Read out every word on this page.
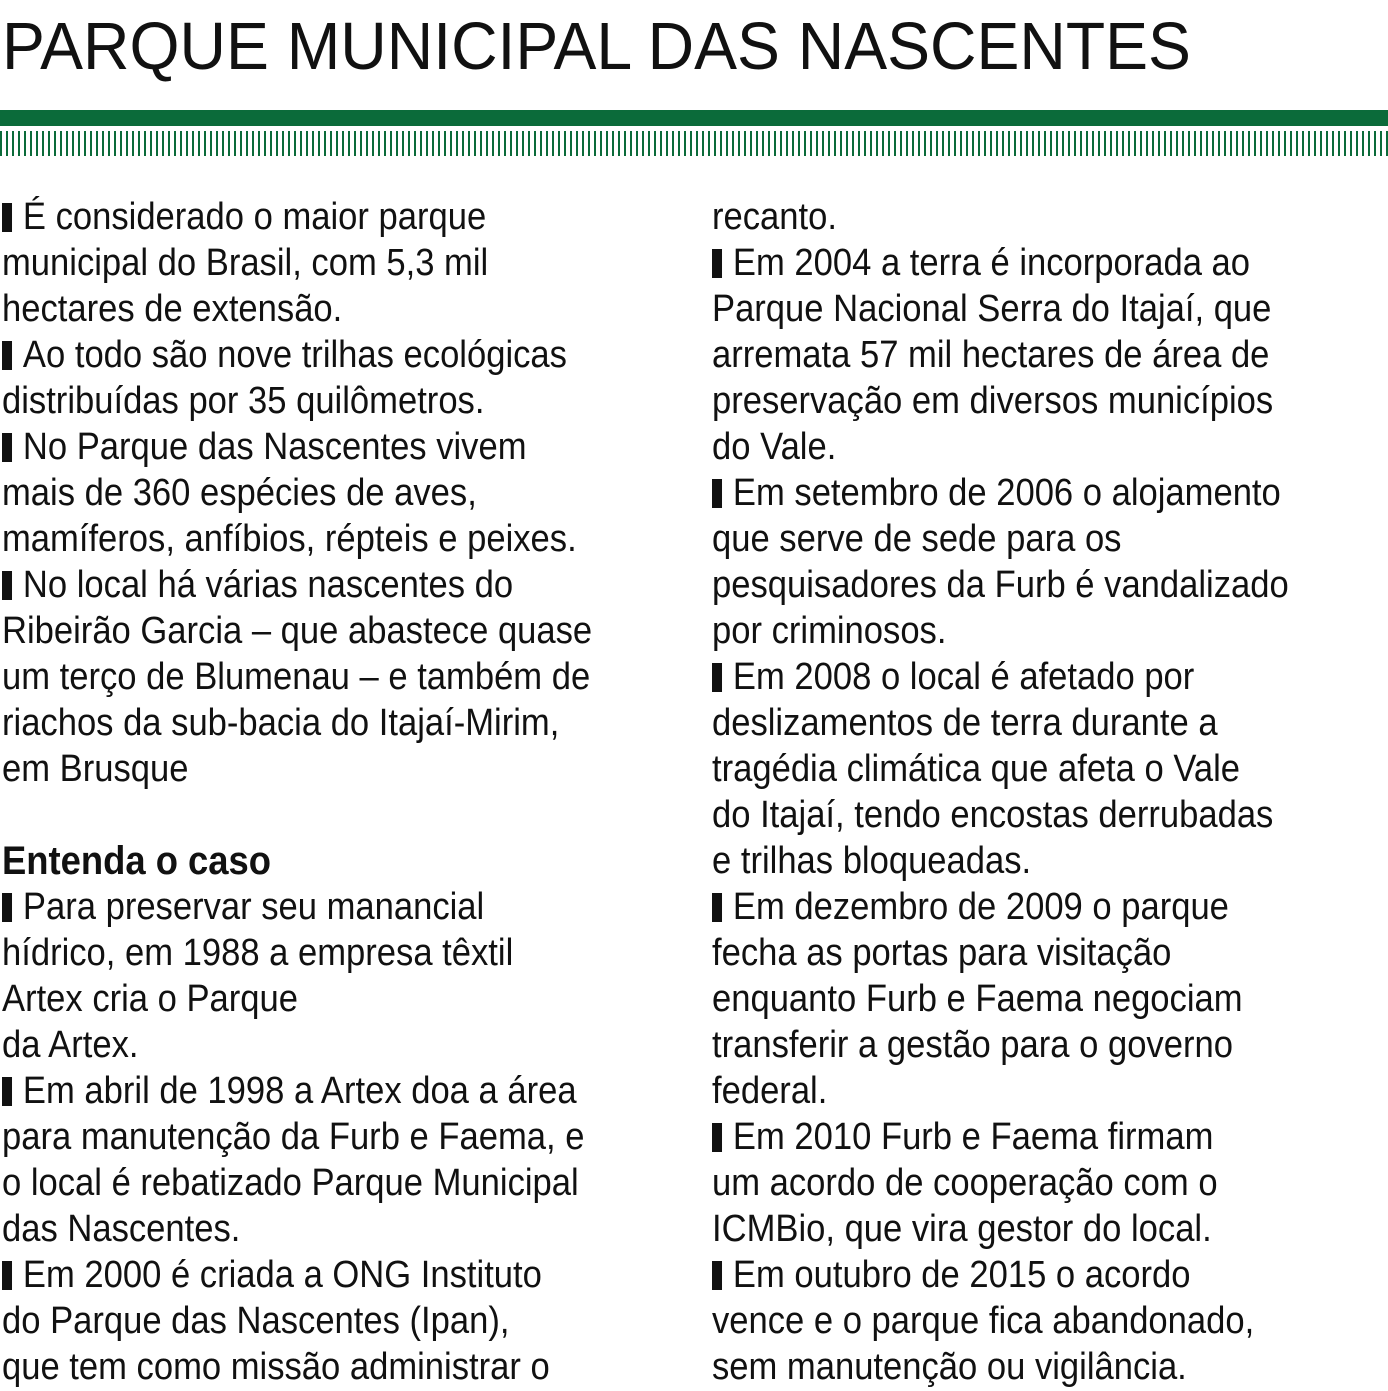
PARQUE MUNICIPAL DAS NASCENTES
É considerado o maior parque
municipal do Brasil, com 5,3 mil
hectares de extensão.
Ao todo são nove trilhas ecológicas
distribuídas por 35 quilômetros.
No Parque das Nascentes vivem
mais de 360 espécies de aves,
mamíferos, anfíbios, répteis e peixes.
No local há várias nascentes do
Ribeirão Garcia – que abastece quase
um terço de Blumenau – e também de
riachos da sub-bacia do Itajaí-Mirim,
em Brusque
Entenda o caso
Para preservar seu manancial
hídrico, em 1988 a empresa têxtil
Artex cria o Parque
da Artex.
Em abril de 1998 a Artex doa a área
para manutenção da Furb e Faema, e
o local é rebatizado Parque Municipal
das Nascentes.
Em 2000 é criada a ONG Instituto
do Parque das Nascentes (Ipan),
que tem como missão administrar o
recanto.
Em 2004 a terra é incorporada ao
Parque Nacional Serra do Itajaí, que
arremata 57 mil hectares de área de
preservação em diversos municípios
do Vale.
Em setembro de 2006 o alojamento
que serve de sede para os
pesquisadores da Furb é vandalizado
por criminosos.
Em 2008 o local é afetado por
deslizamentos de terra durante a
tragédia climática que afeta o Vale
do Itajaí, tendo encostas derrubadas
e trilhas bloqueadas.
Em dezembro de 2009 o parque
fecha as portas para visitação
enquanto Furb e Faema negociam
transferir a gestão para o governo
federal.
Em 2010 Furb e Faema firmam
um acordo de cooperação com o
ICMBio, que vira gestor do local.
Em outubro de 2015 o acordo
vence e o parque fica abandonado,
sem manutenção ou vigilância.
